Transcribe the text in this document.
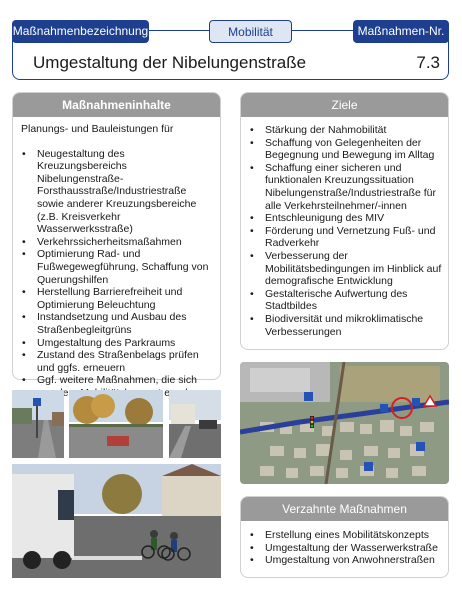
Maßnahmenbezeichnung	Mobilität	Maßnahmen-Nr.
Umgestaltung der Nibelungenstraße	7.3
Maßnahmeninhalte
Planungs- und Bauleistungen für
• Neugestaltung des Kreuzungsbereichs Nibelungenstraße-Forsthausstraße/Industriestraße sowie anderer Kreuzungsbereiche (z.B. Kreisverkehr Wasserwerksstraße)
• Verkehrssicherheitsmaßahmen
• Optimierung Rad- und Fußwegewegführung, Schaffung von Querungshilfen
• Herstellung Barrierefreiheit und Optimierung Beleuchtung
• Instandsetzung und Ausbau des Straßenbegleitgrüns
• Umgestaltung des Parkraums
• Zustand des Straßenbelags prüfen und ggfs. erneuern
• Ggf. weitere Maßnahmen, die sich dem
Ziele
• Stärkung der Nahmobilität
• Schaffung von Gelegenheiten der Begegnung und Bewegung im Alltag
• Schaffung einer sicheren und funktionalen Kreuzungssituation Nibelungenstraße/Industriestraße für alle Verkehrsteilnehmer/-innen
• Entschleunigung des MIV
• Förderung und Vernetzung Fuß- und Radverkehr
• Verbesserung der Mobilitätsbedingungen im Hinblick auf demografische Entwicklung
• Gestalterische Aufwertung des Stadtbildes
• Biodiversität und mikroklimatische Verbesserungen
Verzahnte Maßnahmen
• Erstellung eines Mobilitätskonzepts
• Umgestaltung der Wasserwerkstraße
• Umgestaltung von Anwohnerstraßen
